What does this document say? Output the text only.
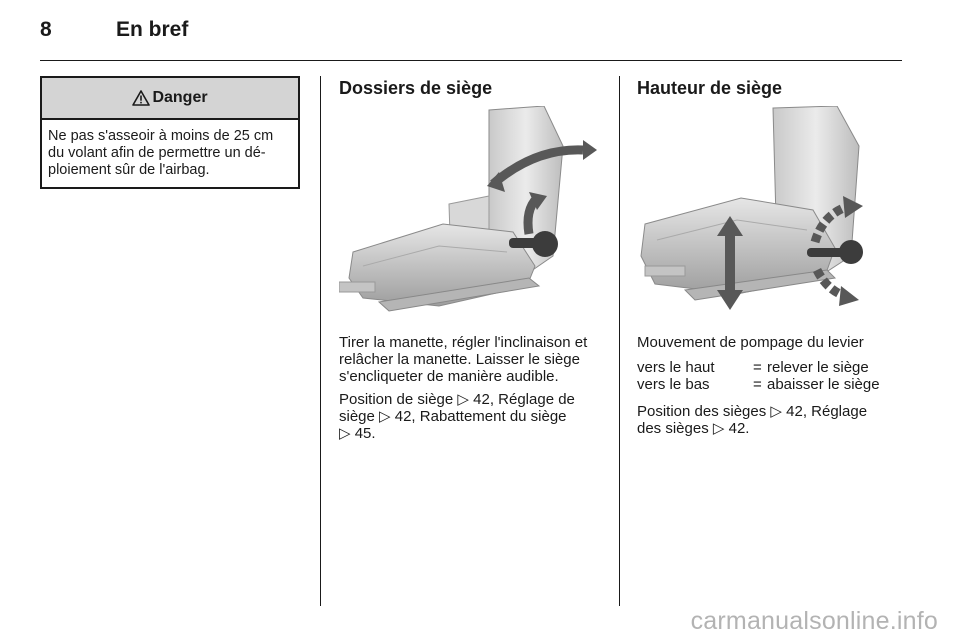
8	En bref
Danger
Ne pas s'asseoir à moins de 25 cm
du volant afin de permettre un dé-
ploiement sûr de l'airbag.
Dossiers de siège

Tirer la manette, régler l'inclinaison et
relâcher la manette. Laisser le siège
s'encliqueter de manière audible.

Position de siège ▷ 42, Réglage de
siège ▷ 42, Rabattement du siège
▷ 45.

Hauteur de siège

Mouvement de pompage du levier

vers le haut	= relever le siège
vers le bas	= abaisser le siège

Position des sièges ▷ 42, Réglage
des sièges ▷ 42.

carmanualsonline.info
